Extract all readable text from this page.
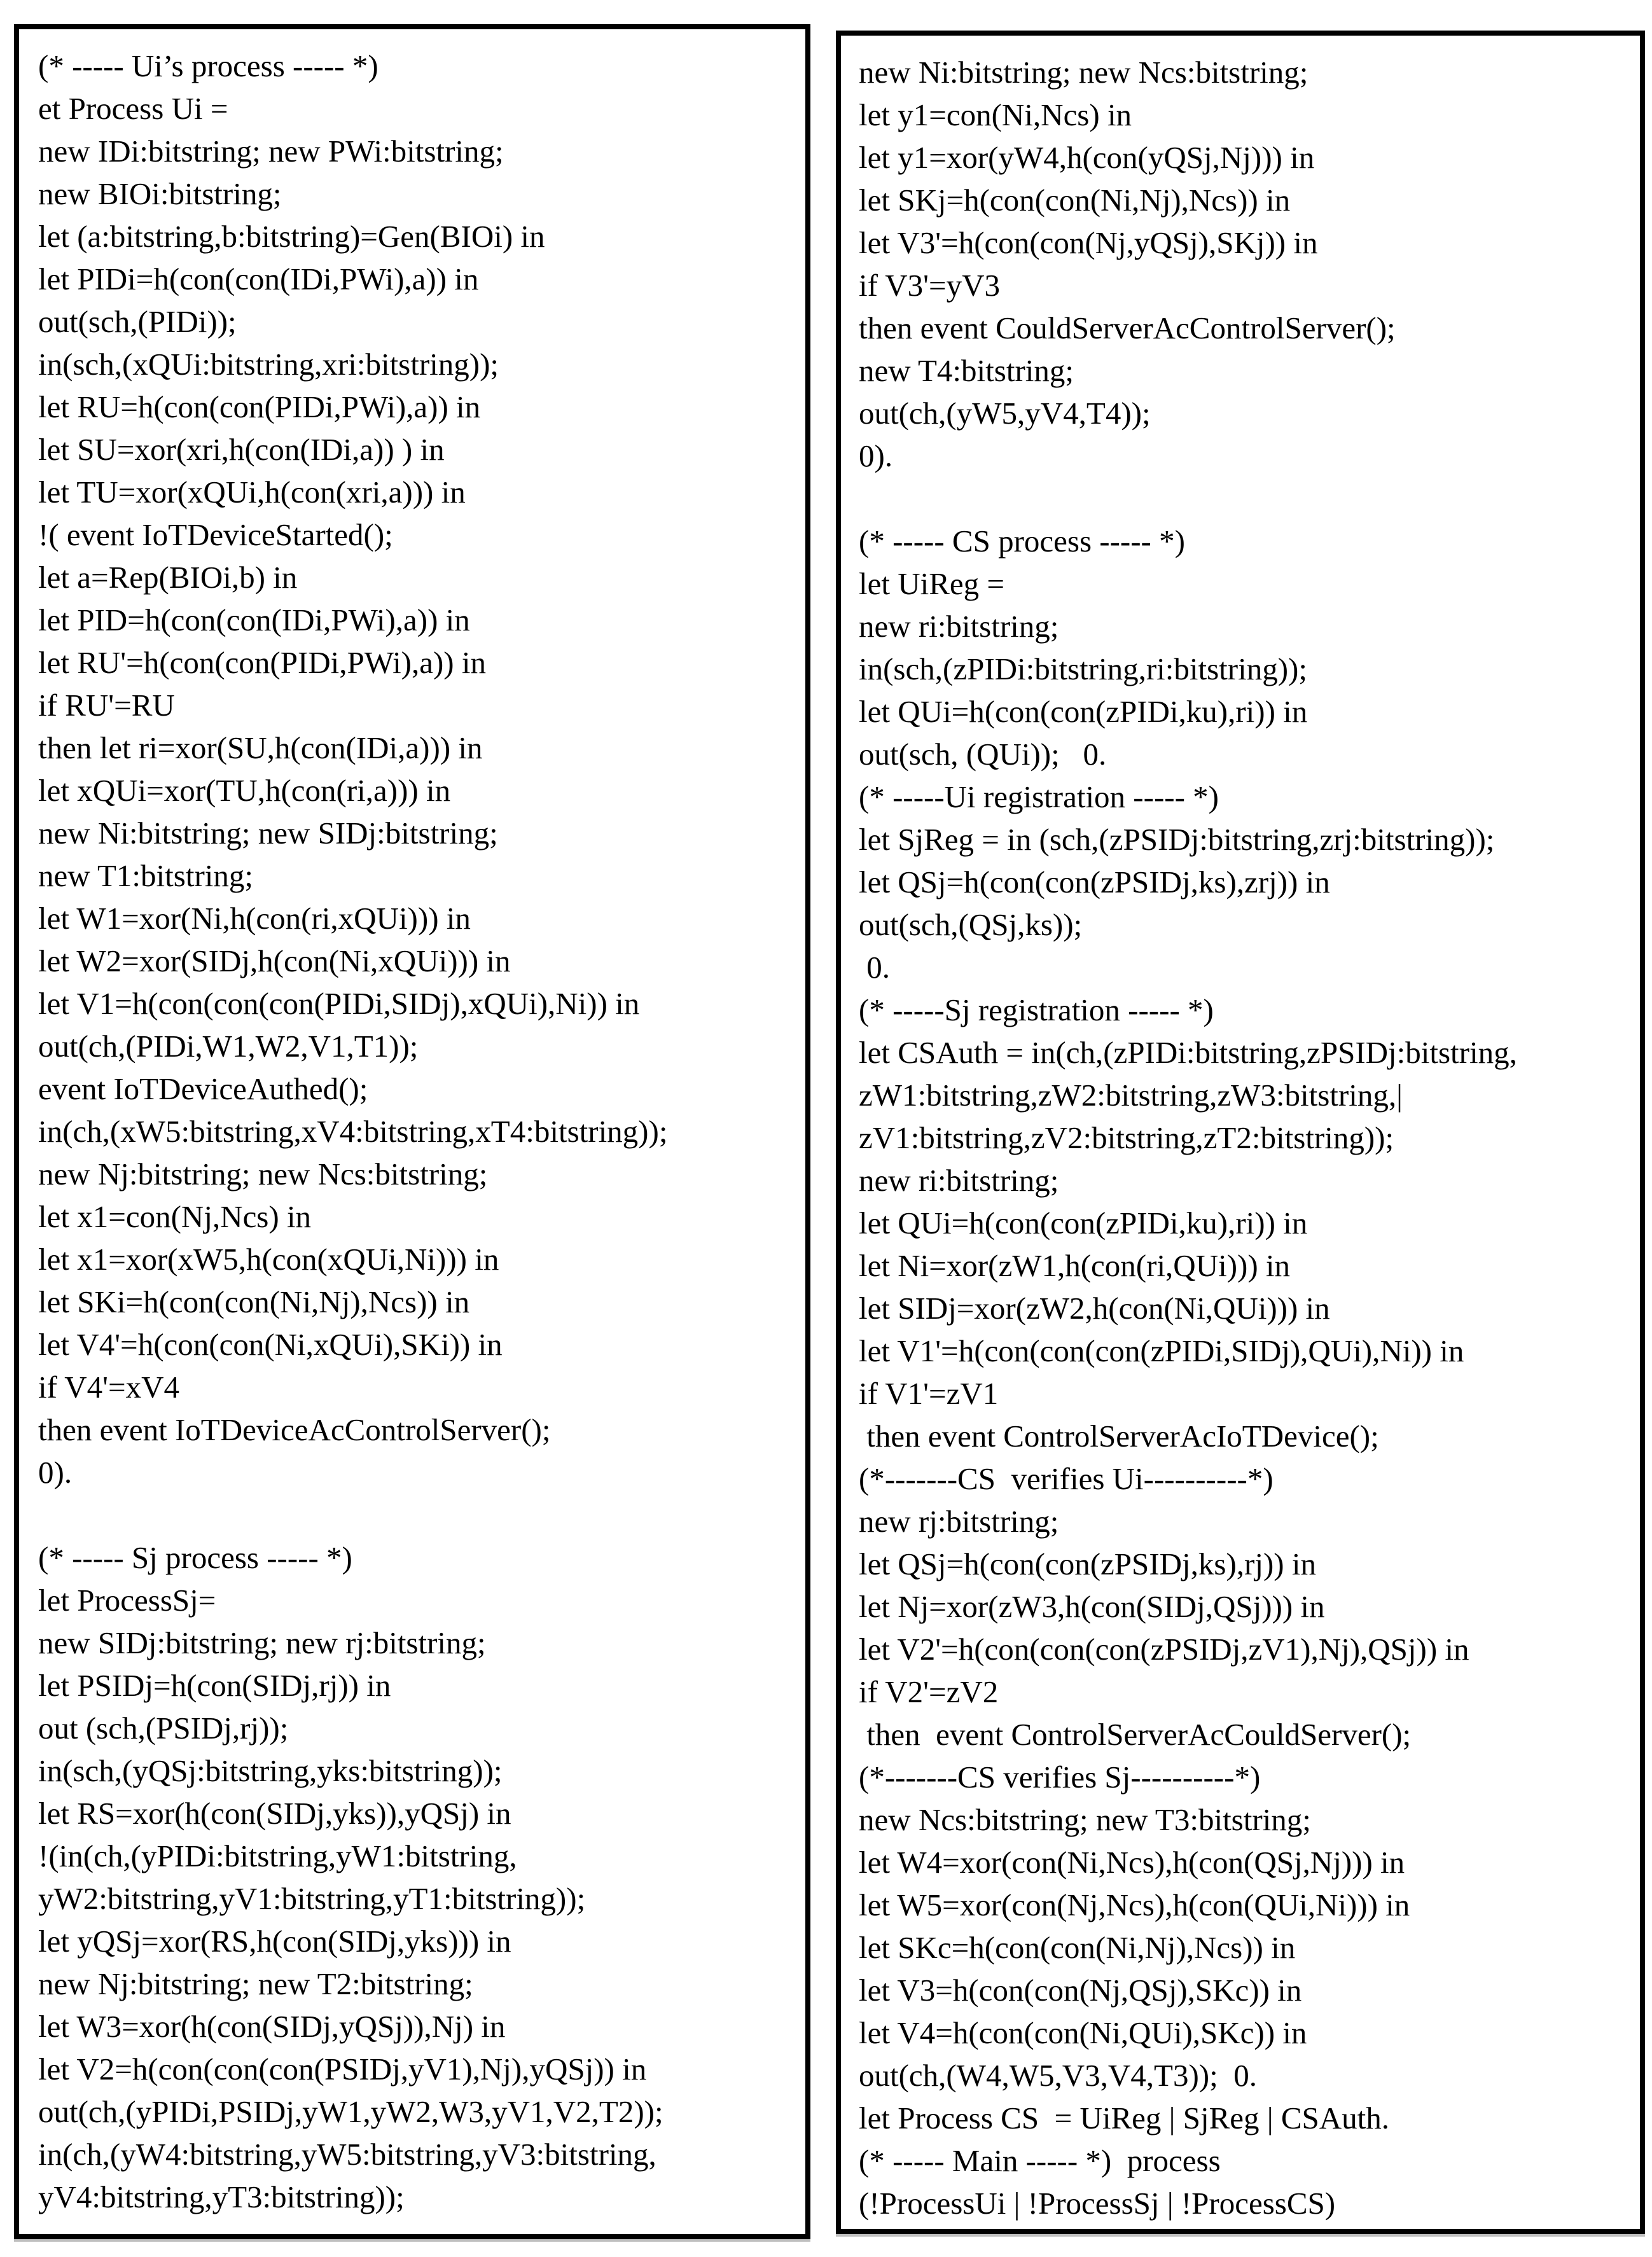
(* ----- Ui’s process ----- *)
et Process Ui =
new IDi:bitstring; new PWi:bitstring;
new BIOi:bitstring;
let (a:bitstring,b:bitstring)=Gen(BIOi) in
let PIDi=h(con(con(IDi,PWi),a)) in
out(sch,(PIDi));
in(sch,(xQUi:bitstring,xri:bitstring));
let RU=h(con(con(PIDi,PWi),a)) in
let SU=xor(xri,h(con(IDi,a)) ) in
let TU=xor(xQUi,h(con(xri,a))) in
!( event IoTDeviceStarted();
let a=Rep(BIOi,b) in
let PID=h(con(con(IDi,PWi),a)) in
let RU'=h(con(con(PIDi,PWi),a)) in
if RU'=RU
then let ri=xor(SU,h(con(IDi,a))) in
let xQUi=xor(TU,h(con(ri,a))) in
new Ni:bitstring; new SIDj:bitstring;
new T1:bitstring;
let W1=xor(Ni,h(con(ri,xQUi))) in
let W2=xor(SIDj,h(con(Ni,xQUi))) in
let V1=h(con(con(con(PIDi,SIDj),xQUi),Ni)) in
out(ch,(PIDi,W1,W2,V1,T1));
event IoTDeviceAuthed();
in(ch,(xW5:bitstring,xV4:bitstring,xT4:bitstring));
new Nj:bitstring; new Ncs:bitstring;
let x1=con(Nj,Ncs) in
let x1=xor(xW5,h(con(xQUi,Ni))) in
let SKi=h(con(con(Ni,Nj),Ncs)) in
let V4'=h(con(con(Ni,xQUi),SKi)) in
if V4'=xV4
then event IoTDeviceAcControlServer();
0).

(* ----- Sj process ----- *)
let ProcessSj=
new SIDj:bitstring; new rj:bitstring;
let PSIDj=h(con(SIDj,rj)) in
out (sch,(PSIDj,rj));
in(sch,(yQSj:bitstring,yks:bitstring));
let RS=xor(h(con(SIDj,yks)),yQSj) in
!(in(ch,(yPIDi:bitstring,yW1:bitstring,
yW2:bitstring,yV1:bitstring,yT1:bitstring));
let yQSj=xor(RS,h(con(SIDj,yks))) in
new Nj:bitstring; new T2:bitstring;
let W3=xor(h(con(SIDj,yQSj)),Nj) in
let V2=h(con(con(con(PSIDj,yV1),Nj),yQSj)) in
out(ch,(yPIDi,PSIDj,yW1,yW2,W3,yV1,V2,T2));
in(ch,(yW4:bitstring,yW5:bitstring,yV3:bitstring,
yV4:bitstring,yT3:bitstring));
new Ni:bitstring; new Ncs:bitstring;
let y1=con(Ni,Ncs) in
let y1=xor(yW4,h(con(yQSj,Nj))) in
let SKj=h(con(con(Ni,Nj),Ncs)) in
let V3'=h(con(con(Nj,yQSj),SKj)) in
if V3'=yV3
then event CouldServerAcControlServer();
new T4:bitstring;
out(ch,(yW5,yV4,T4));
0).

(* ----- CS process ----- *)
let UiReg =
new ri:bitstring;
in(sch,(zPIDi:bitstring,ri:bitstring));
let QUi=h(con(con(zPIDi,ku),ri)) in
out(sch, (QUi));   0.
(* -----Ui registration ----- *)
let SjReg = in (sch,(zPSIDj:bitstring,zrj:bitstring));
let QSj=h(con(con(zPSIDj,ks),zrj)) in
out(sch,(QSj,ks));
0.
(* -----Sj registration ----- *)
let CSAuth = in(ch,(zPIDi:bitstring,zPSIDj:bitstring,
zW1:bitstring,zW2:bitstring,zW3:bitstring,|
zV1:bitstring,zV2:bitstring,zT2:bitstring));
new ri:bitstring;
let QUi=h(con(con(zPIDi,ku),ri)) in
let Ni=xor(zW1,h(con(ri,QUi))) in
let SIDj=xor(zW2,h(con(Ni,QUi))) in
let V1'=h(con(con(con(zPIDi,SIDj),QUi),Ni)) in
if V1'=zV1
then event ControlServerAcIoTDevice();
(*-------CS  verifies Ui----------*)
new rj:bitstring;
let QSj=h(con(con(zPSIDj,ks),rj)) in
let Nj=xor(zW3,h(con(SIDj,QSj))) in
let V2'=h(con(con(con(zPSIDj,zV1),Nj),QSj)) in
if V2'=zV2
then  event ControlServerAcCouldServer();
(*-------CS verifies Sj----------*)
new Ncs:bitstring; new T3:bitstring;
let W4=xor(con(Ni,Ncs),h(con(QSj,Nj))) in
let W5=xor(con(Nj,Ncs),h(con(QUi,Ni))) in
let SKc=h(con(con(Ni,Nj),Ncs)) in
let V3=h(con(con(Nj,QSj),SKc)) in
let V4=h(con(con(Ni,QUi),SKc)) in
out(ch,(W4,W5,V3,V4,T3));  0.
let Process CS  = UiReg | SjReg | CSAuth.
(* ----- Main ----- *)  process
(!ProcessUi | !ProcessSj | !ProcessCS)
